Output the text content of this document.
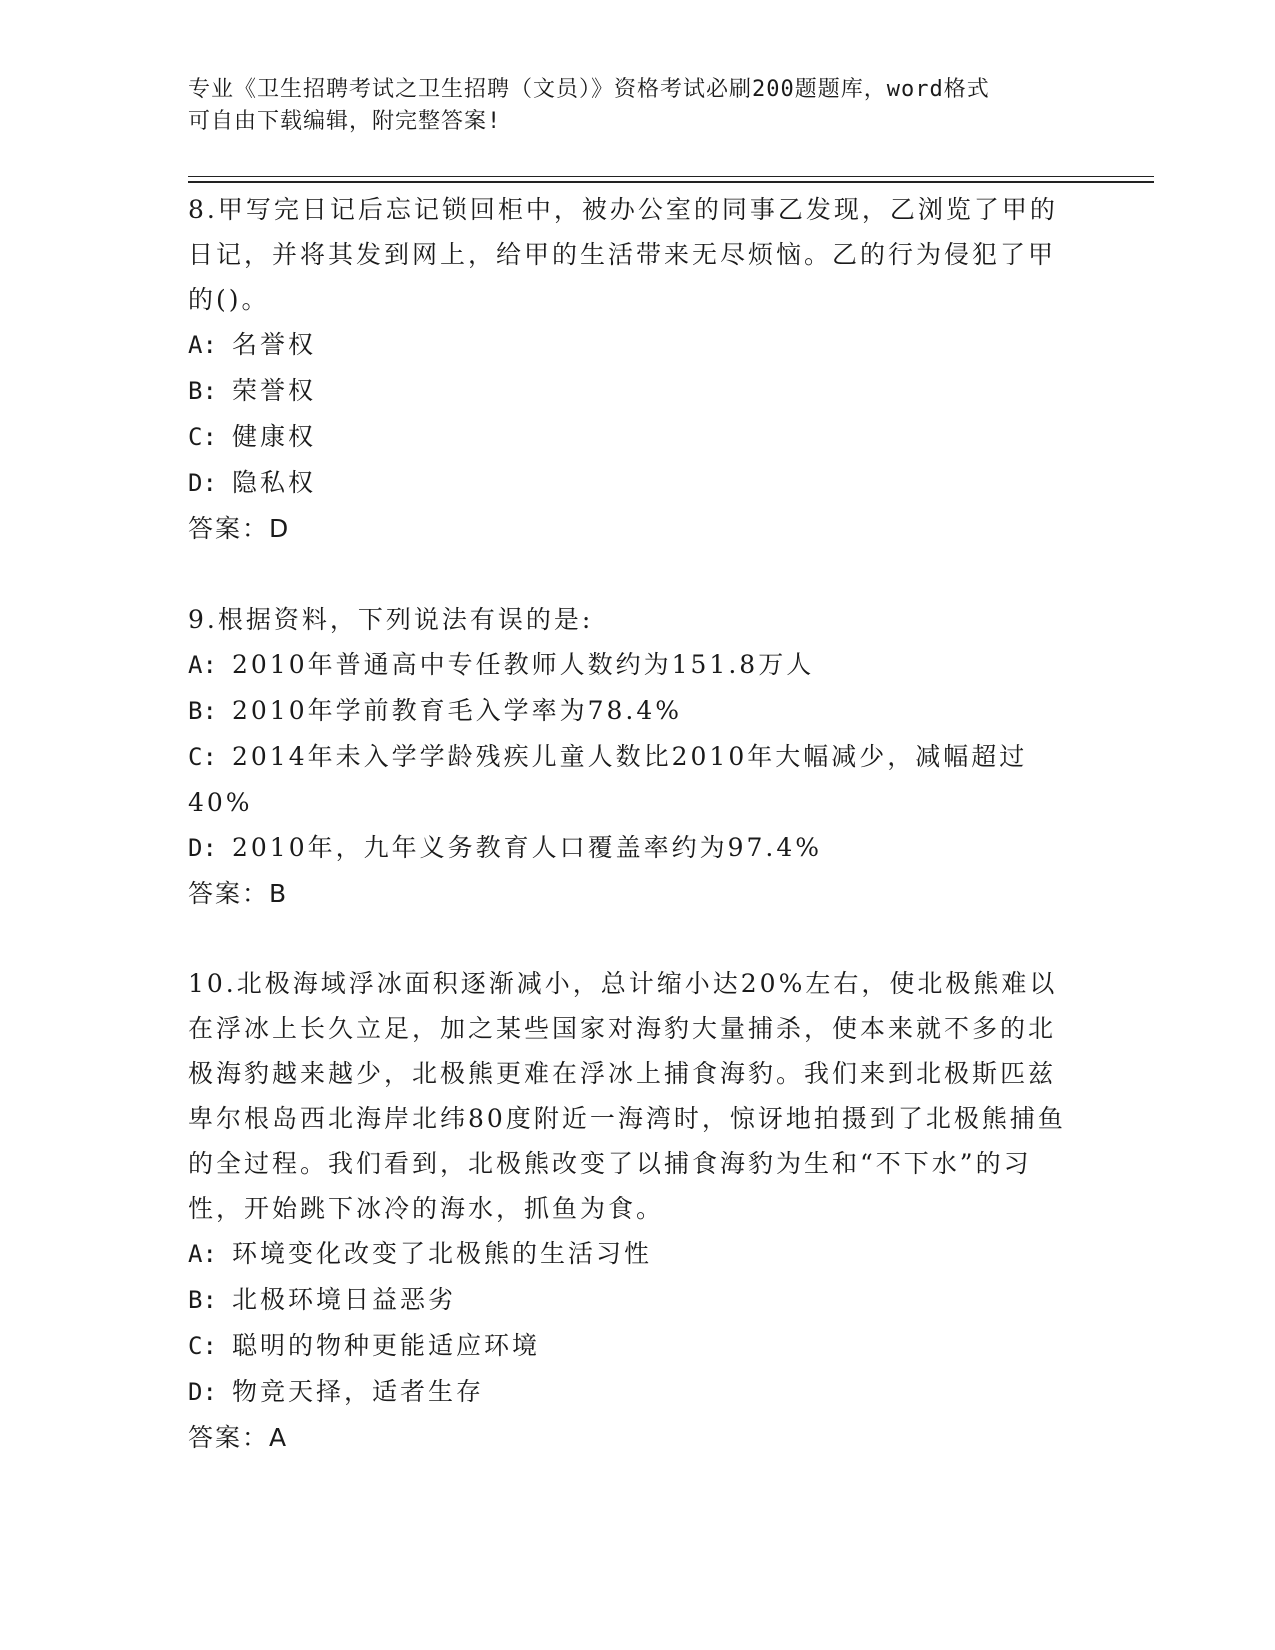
专业《卫生招聘考试之卫生招聘（文员）》资格考试必刷200题题库，word格式
可自由下载编辑，附完整答案!

8.甲写完日记后忘记锁回柜中，被办公室的同事乙发现，乙浏览了甲的日记，并将其发到网上，给甲的生活带来无尽烦恼。乙的行为侵犯了甲的()。

A: 名誉权

B: 荣誉权

C: 健康权

D: 隐私权

答案：D

9.根据资料，下列说法有误的是:

A: 2010年普通高中专任教师人数约为151.8万人

B: 2010年学前教育毛入学率为78.4%

C: 2014年未入学学龄残疾儿童人数比2010年大幅减少，减幅超过40%

D: 2010年，九年义务教育人口覆盖率约为97.4%

答案：B

10.北极海域浮冰面积逐渐减小，总计缩小达20%左右，使北极熊难以在浮冰上长久立足，加之某些国家对海豹大量捕杀，使本来就不多的北极海豹越来越少，北极熊更难在浮冰上捕食海豹。我们来到北极斯匹兹卑尔根岛西北海岸北纬80度附近一海湾时，惊讶地拍摄到了北极熊捕鱼的全过程。我们看到，北极熊改变了以捕食海豹为生和“不下水”的习性，开始跳下冰冷的海水，抓鱼为食。

A: 环境变化改变了北极熊的生活习性

B: 北极环境日益恶劣

C: 聪明的物种更能适应环境

D: 物竞天择，适者生存

答案：A
